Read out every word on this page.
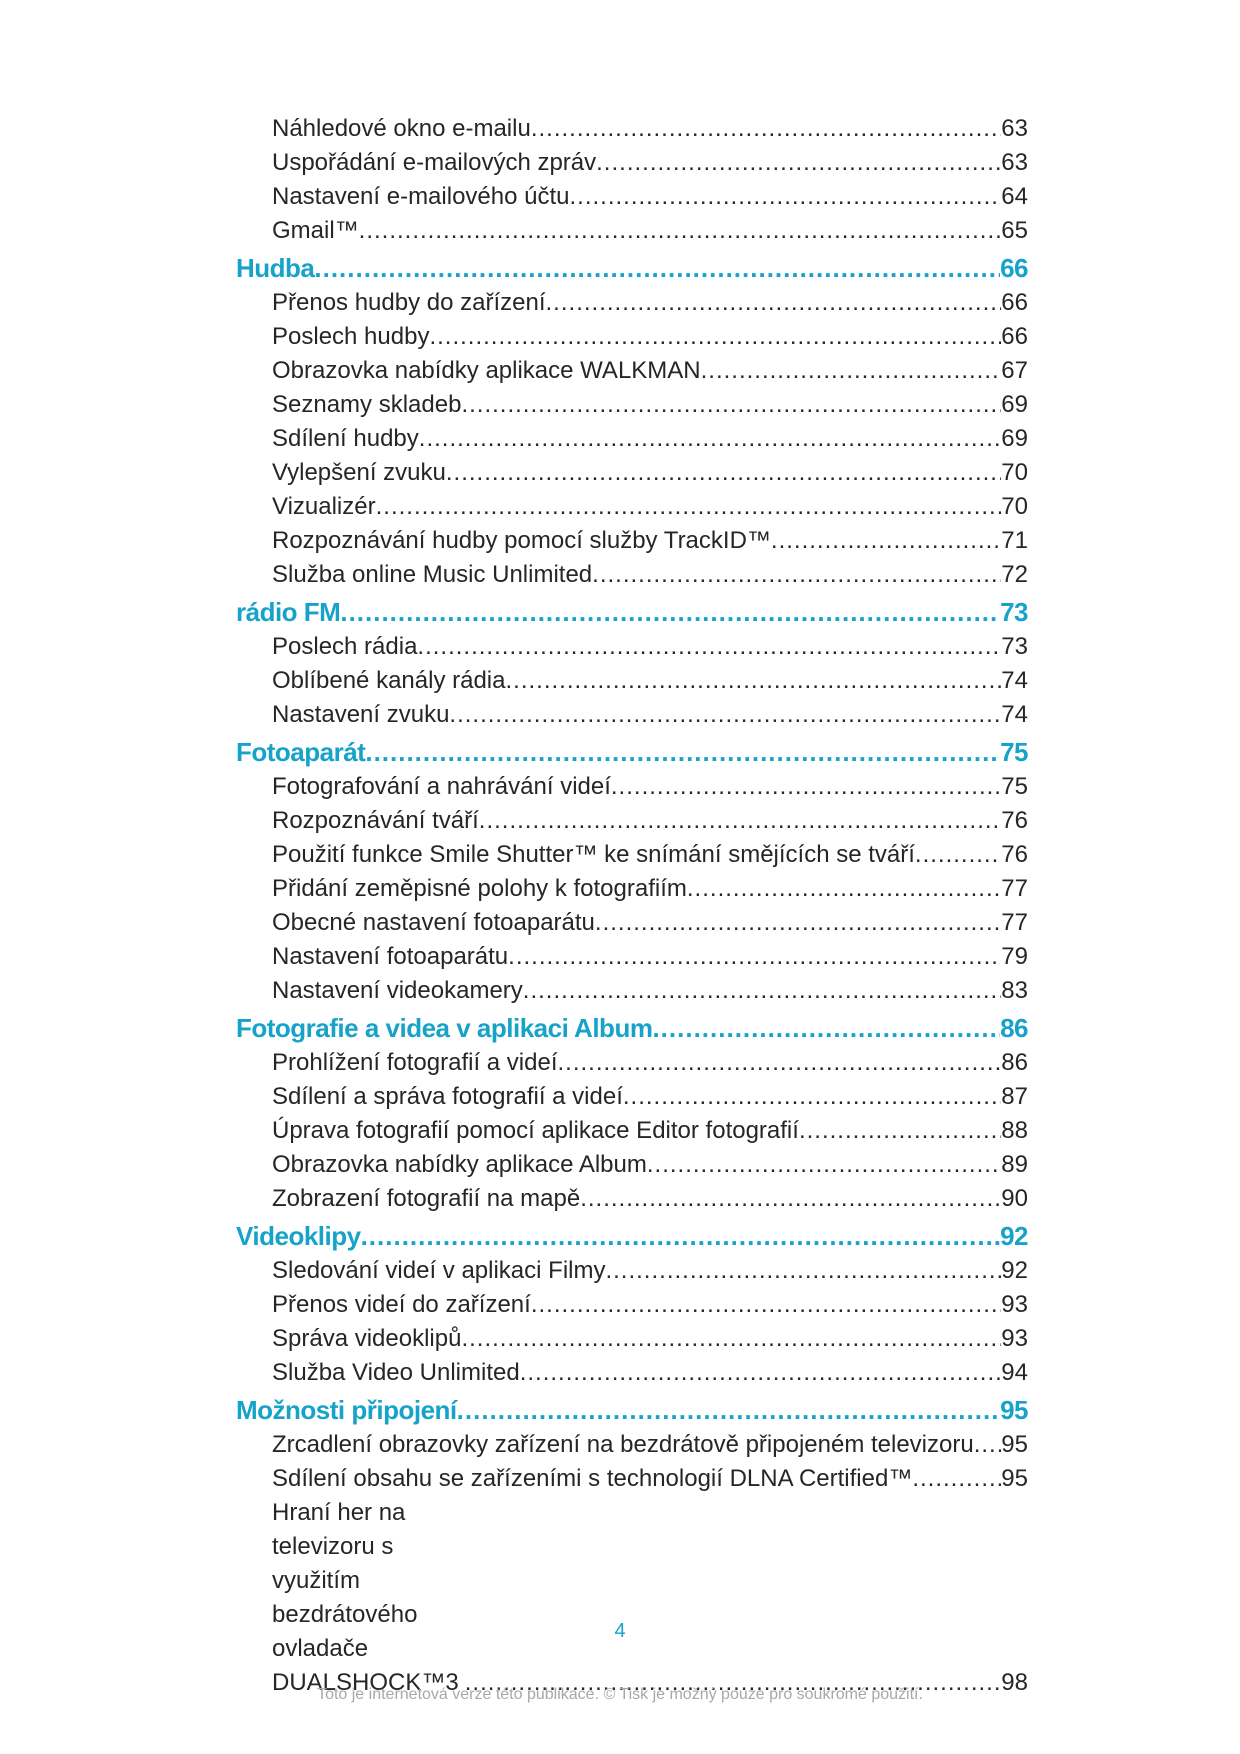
Náhledové okno e-mailu .....	63
Uspořádání e-mailových zpráv .....	63
Nastavení e-mailového účtu .....	64
Gmail™ .....	65
Hudba .....	66
Přenos hudby do zařízení .....	66
Poslech hudby .....	66
Obrazovka nabídky aplikace WALKMAN .....	67
Seznamy skladeb .....	69
Sdílení hudby .....	69
Vylepšení zvuku .....	70
Vizualizér .....	70
Rozpoznávání hudby pomocí služby TrackID™ .....	71
Služba online Music Unlimited .....	72
rádio FM .....	73
Poslech rádia .....	73
Oblíbené kanály rádia .....	74
Nastavení zvuku .....	74
Fotoaparát .....	75
Fotografování a nahrávání videí .....	75
Rozpoznávání tváří .....	76
Použití funkce Smile Shutter™ ke snímání smějících se tváří .....	76
Přidání zeměpisné polohy k fotografiím .....	77
Obecné nastavení fotoaparátu .....	77
Nastavení fotoaparátu .....	79
Nastavení videokamery .....	83
Fotografie a videa v aplikaci Album .....	86
Prohlížení fotografií a videí .....	86
Sdílení a správa fotografií a videí .....	87
Úprava fotografií pomocí aplikace Editor fotografií .....	88
Obrazovka nabídky aplikace Album .....	89
Zobrazení fotografií na mapě .....	90
Videoklipy .....	92
Sledování videí v aplikaci Filmy .....	92
Přenos videí do zařízení .....	93
Správa videoklipů .....	93
Služba Video Unlimited .....	94
Možnosti připojení .....	95
Zrcadlení obrazovky zařízení na bezdrátově připojeném televizoru ..... 95
Sdílení obsahu se zařízeními s technologií DLNA Certified™ .....	95
Hraní her na televizoru s využitím bezdrátového ovladače DUALSHOCK™3 .....	98
4
Toto je internetová verze této publikace. © Tisk je možný pouze pro soukromé použití.
